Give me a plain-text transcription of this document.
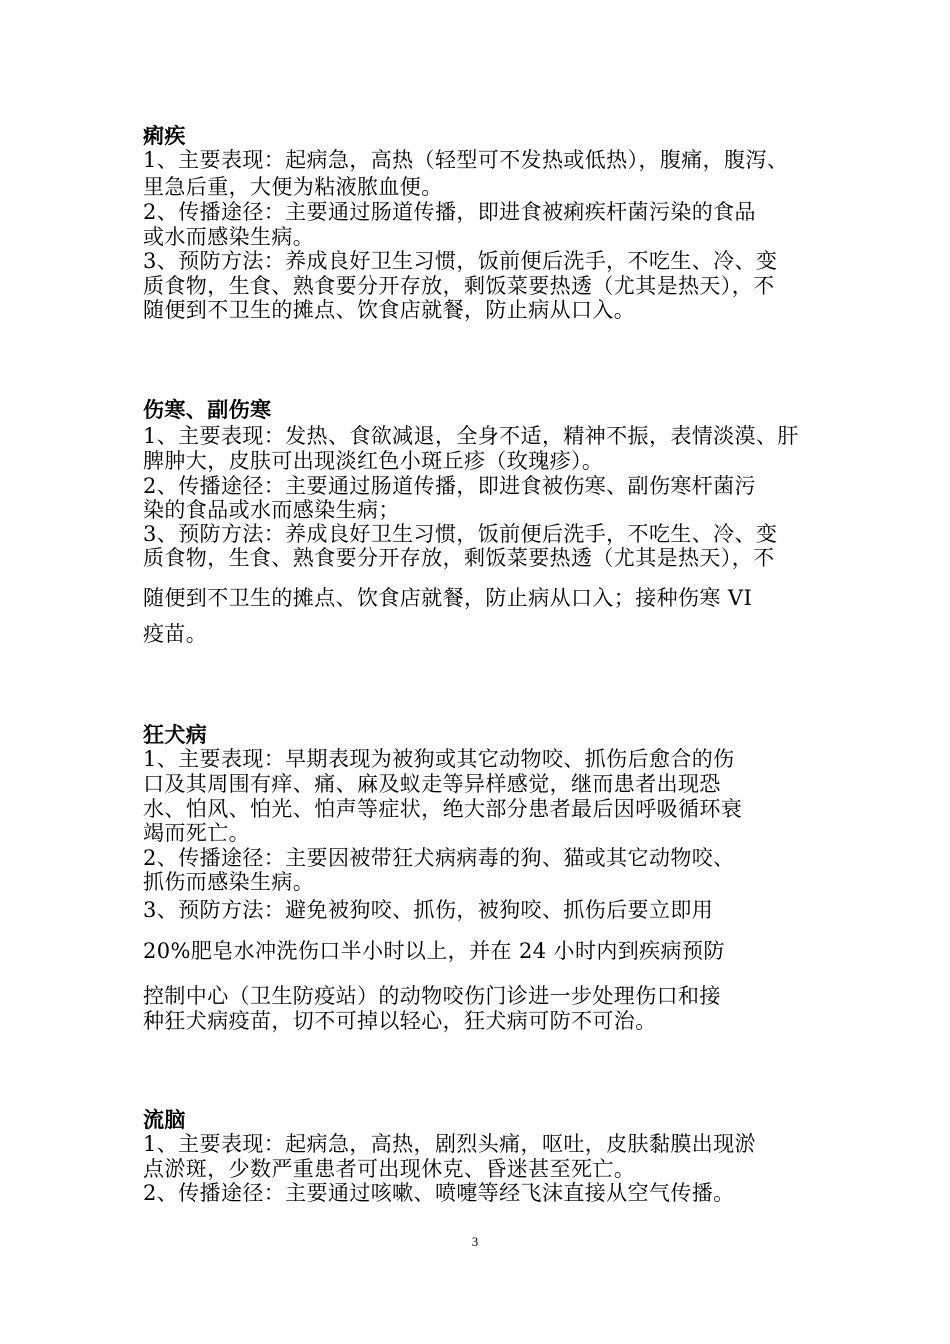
痢疾
1、主要表现：起病急，高热（轻型可不发热或低热），腹痛，腹泻、
里急后重，大便为粘液脓血便。
2、传播途径：主要通过肠道传播，即进食被痢疾杆菌污染的食品
或水而感染生病。
3、预防方法：养成良好卫生习惯，饭前便后洗手，不吃生、冷、变
质食物，生食、熟食要分开存放，剩饭菜要热透（尤其是热天），不
随便到不卫生的摊点、饮食店就餐，防止病从口入。
伤寒、副伤寒
1、主要表现：发热、食欲减退，全身不适，精神不振，表情淡漠、肝
脾肿大，皮肤可出现淡红色小斑丘疹（玫瑰疹）。
2、传播途径：主要通过肠道传播，即进食被伤寒、副伤寒杆菌污
染的食品或水而感染生病；
3、预防方法：养成良好卫生习惯，饭前便后洗手，不吃生、冷、变
质食物，生食、熟食要分开存放，剩饭菜要热透（尤其是热天），不
随便到不卫生的摊点、饮食店就餐，防止病从口入；接种伤寒 VI
疫苗。
狂犬病
1、主要表现：早期表现为被狗或其它动物咬、抓伤后愈合的伤
口及其周围有痒、痛、麻及蚁走等异样感觉，继而患者出现恐
水、怕风、怕光、怕声等症状，绝大部分患者最后因呼吸循环衰
竭而死亡。
2、传播途径：主要因被带狂犬病病毒的狗、猫或其它动物咬、
抓伤而感染生病。
3、预防方法：避免被狗咬、抓伤，被狗咬、抓伤后要立即用
20%肥皂水冲洗伤口半小时以上，并在 24 小时内到疾病预防
控制中心（卫生防疫站）的动物咬伤门诊进一步处理伤口和接
种狂犬病疫苗，切不可掉以轻心，狂犬病可防不可治。
流脑
1、主要表现：起病急，高热，剧烈头痛，呕吐，皮肤黏膜出现淤
点淤斑，少数严重患者可出现休克、昏迷甚至死亡。
2、传播途径：主要通过咳嗽、喷嚏等经飞沫直接从空气传播。
3
